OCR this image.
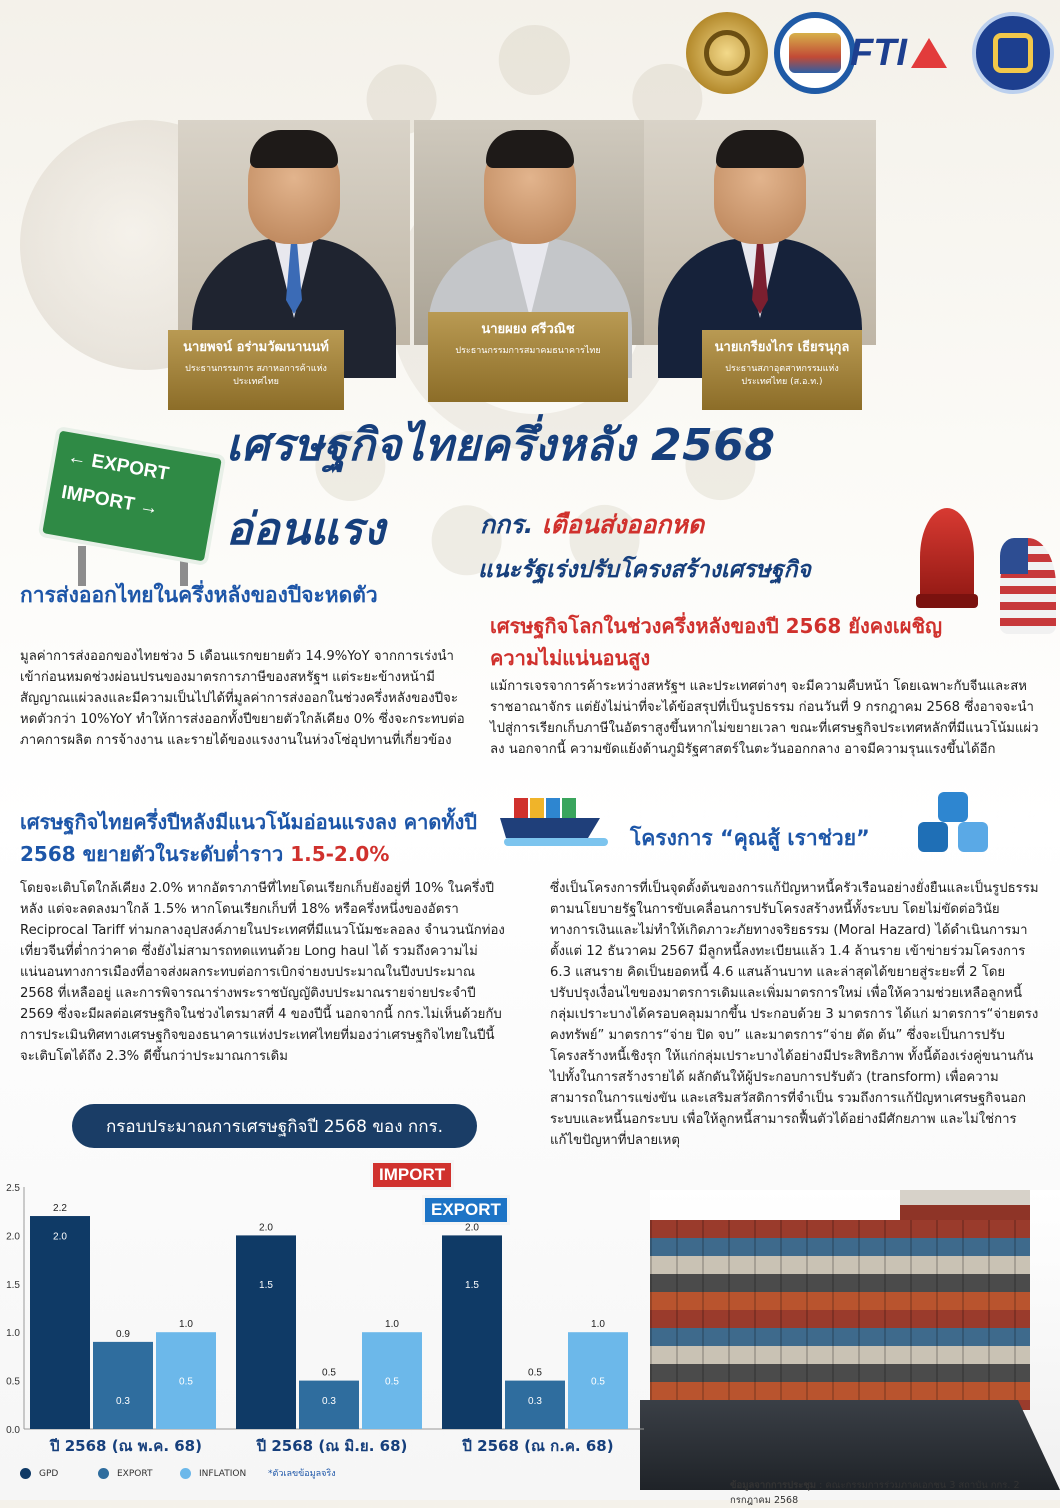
FTI
นายพจน์ อร่ามวัฒนานนท์
ประธานกรรมการ สภาหอการค้าแห่งประเทศไทย
นายผยง ศรีวณิช
ประธานกรรมการสมาคมธนาคารไทย	นายเกรียงไกร เธียรนุกุล
ประธานสภาอุตสาหกรรมแห่งประเทศไทย (ส.อ.ท.)
เศรษฐกิจไทยครึ่งหลัง 2568
อ่อนแรง	กกร. เตือนส่งออกหด
แนะรัฐเร่งปรับโครงสร้างเศรษฐกิจ
← EXPORT
IMPORT →
การส่งออกไทยในครึ่งหลังของปีจะหดตัว
มูลค่าการส่งออกของไทยช่วง 5 เดือนแรกขยายตัว 14.9%YoY จากการเร่งนำเข้าก่อนหมดช่วงผ่อนปรนของมาตรการภาษีของสหรัฐฯ แต่ระยะข้างหน้ามีสัญญาณแผ่วลงและมีความเป็นไปได้ที่มูลค่าการส่งออกในช่วงครึ่งหลังของปีจะหดตัวกว่า 10%YoY ทำให้การส่งออกทั้งปีขยายตัวใกล้เคียง 0% ซึ่งจะกระทบต่อภาคการผลิต การจ้างงาน และรายได้ของแรงงานในห่วงโซ่อุปทานที่เกี่ยวข้อง
เศรษฐกิจโลกในช่วงครึ่งหลังของปี 2568 ยังคงเผชิญความไม่แน่นอนสูง
แม้การเจรจาการค้าระหว่างสหรัฐฯ และประเทศต่างๆ จะมีความคืบหน้า โดยเฉพาะกับจีนและสหราชอาณาจักร แต่ยังไม่น่าที่จะได้ข้อสรุปที่เป็นรูปธรรม ก่อนวันที่ 9 กรกฎาคม 2568 ซึ่งอาจจะนำไปสู่การเรียกเก็บภาษีในอัตราสูงขึ้นหากไม่ขยายเวลา ขณะที่เศรษฐกิจประเทศหลักที่มีแนวโน้มแผ่วลง นอกจากนี้ ความขัดแย้งด้านภูมิรัฐศาสตร์ในตะวันออกกลาง อาจมีความรุนแรงขึ้นได้อีก
เศรษฐกิจไทยครึ่งปีหลังมีแนวโน้มอ่อนแรงลง คาดทั้งปี 2568 ขยายตัวในระดับต่ำราว 1.5-2.0%
โดยจะเติบโตใกล้เคียง 2.0% หากอัตราภาษีที่ไทยโดนเรียกเก็บยังอยู่ที่ 10% ในครึ่งปีหลัง แต่จะลดลงมาใกล้ 1.5% หากโดนเรียกเก็บที่ 18% หรือครึ่งหนึ่งของอัตรา Reciprocal Tariff ท่ามกลางอุปสงค์ภายในประเทศที่มีแนวโน้มชะลอลง จำนวนนักท่องเที่ยวจีนที่ต่ำกว่าคาด ซึ่งยังไม่สามารถทดแทนด้วย Long haul ได้ รวมถึงความไม่แน่นอนทางการเมืองที่อาจส่งผลกระทบต่อการเบิกจ่ายงบประมาณในปีงบประมาณ 2568 ที่เหลืออยู่ และการพิจารณาร่างพระราชบัญญัติงบประมาณรายจ่ายประจำปี 2569 ซึ่งจะมีผลต่อเศรษฐกิจในช่วงไตรมาสที่ 4 ของปีนี้ นอกจากนี้ กกร.ไม่เห็นด้วยกับการประเมินทิศทางเศรษฐกิจของธนาคารแห่งประเทศไทยที่มองว่าเศรษฐกิจไทยในปีนี้จะเติบโตได้ถึง 2.3% ดีขึ้นกว่าประมาณการเดิม
โครงการ “คุณสู้ เราช่วย”
ซึ่งเป็นโครงการที่เป็นจุดตั้งต้นของการแก้ปัญหาหนี้ครัวเรือนอย่างยั่งยืนและเป็นรูปธรรม ตามนโยบายรัฐในการขับเคลื่อนการปรับโครงสร้างหนี้ทั้งระบบ โดยไม่ขัดต่อวินัยทางการเงินและไม่ทำให้เกิดภาวะภัยทางจริยธรรม (Moral Hazard) ได้ดำเนินการมาตั้งแต่ 12 ธันวาคม 2567 มีลูกหนี้ลงทะเบียนแล้ว 1.4 ล้านราย เข้าข่ายร่วมโครงการ 6.3 แสนราย คิดเป็นยอดหนี้ 4.6 แสนล้านบาท และล่าสุดได้ขยายสู่ระยะที่ 2 โดยปรับปรุงเงื่อนไขของมาตรการเดิมและเพิ่มมาตรการใหม่ เพื่อให้ความช่วยเหลือลูกหนี้กลุ่มเปราะบางได้ครอบคลุมมากขึ้น ประกอบด้วย 3 มาตรการ ได้แก่ มาตรการ“จ่ายตรง คงทรัพย์” มาตรการ“จ่าย ปิด จบ” และมาตรการ“จ่าย ตัด ต้น” ซึ่งจะเป็นการปรับโครงสร้างหนี้เชิงรุก ให้แก่กลุ่มเปราะบางได้อย่างมีประสิทธิภาพ ทั้งนี้ต้องเร่งคู่ขนานกันไปทั้งในการสร้างรายได้ ผลักดันให้ผู้ประกอบการปรับตัว (transform) เพื่อความสามารถในการแข่งขัน และเสริมสวัสดิการที่จำเป็น รวมถึงการแก้ปัญหาเศรษฐกิจนอกระบบและหนี้นอกระบบ เพื่อให้ลูกหนี้สามารถฟื้นตัวได้อย่างมีศักยภาพ และไม่ใช่การแก้ไขปัญหาที่ปลายเหตุ
กรอบประมาณการเศรษฐกิจปี 2568 ของ กกร.
IMPORT
EXPORT
0.0
0.5
1.0
1.5
2.0
2.5
2.2
2.0
0.9
0.3
1.0
0.5
ปี 2568 (ณ พ.ค. 68)
2.0
1.5
0.5
0.3
1.0
0.5
ปี 2568 (ณ มิ.ย. 68)
2.0
1.5
0.5
0.3
1.0
0.5
ปี 2568 (ณ ก.ค. 68)
GPD	EXPORT	INFLATION *ตัวเลขข้อมูลจริง
ข้อมูลจากการประชุม : คณะกรรมการร่วมภาคเอกชน 3 สถาบัน กกร. 2 กรกฎาคม 2568
